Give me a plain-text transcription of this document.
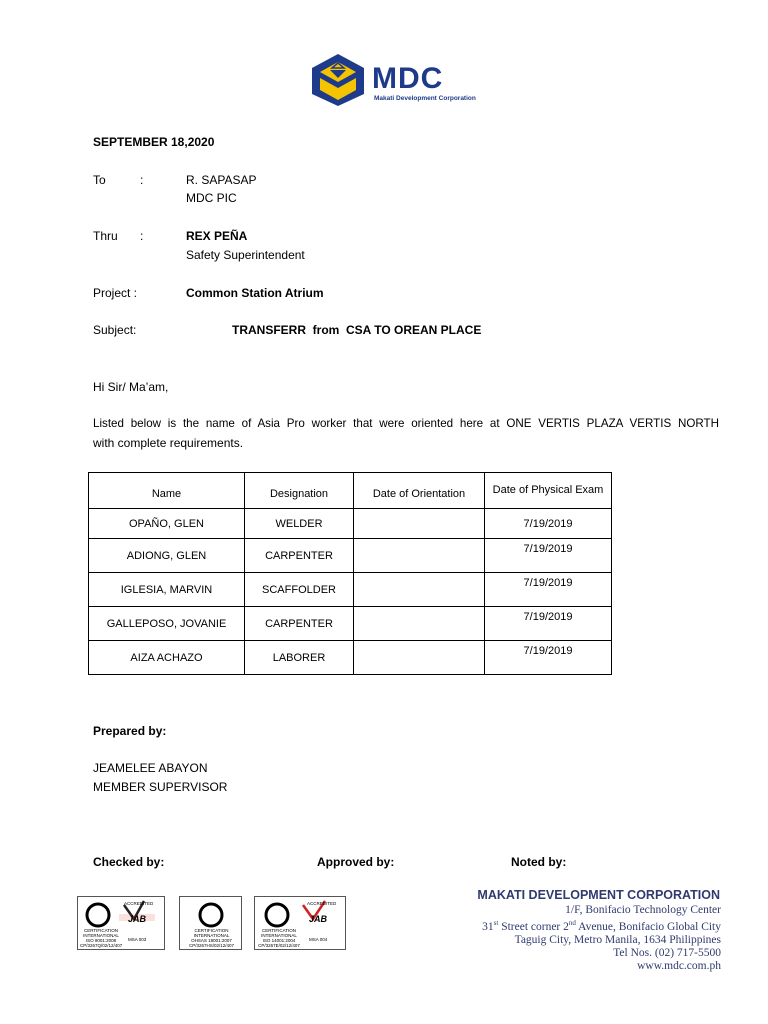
MDC
Makati Development Corporation
SEPTEMBER 18,2020
To	:	R. SAPASAP
MDC PIC
Thru :	REX PEÑA
Safety Superintendent
Project :	Common Station Atrium
Subject:	TRANSFERR  from  CSA TO OREAN PLACE
Hi Sir/ Ma’am,
Listed below is the name of Asia Pro worker that were oriented here at ONE VERTIS PLAZA VERTIS NORTH
with complete requirements.
Name	Designation	Date of Orientation	Date of Physical Exam
OPAÑO, GLEN	WELDER		7/19/2019
ADIONG, GLEN	CARPENTER		7/19/2019
IGLESIA, MARVIN	SCAFFOLDER		7/19/2019
GALLEPOSO, JOVANIE	CARPENTER		7/19/2019
AIZA ACHAZO	LABORER		7/19/2019
Prepared by:
JEAMELEE ABAYON
MEMBER SUPERVISOR
Checked by:	Approved by:	Noted by:
CERTIFICATION
INTERNATIONAL
ISO 9001:2008
CP/3267Q/02/12/407
ACCREDITED
JAB
MSA 003
CERTIFICATION
INTERNATIONAL
OHSAS 18001:2007
CP/3267HS/02/12/407
CERTIFICATION
INTERNATIONAL
ISO 14001:2004
CP/3267E/02/12/407
ACCREDITED
JAB
MSA 004
MAKATI DEVELOPMENT CORPORATION
1/F, Bonifacio Technology Center
31st Street corner 2nd Avenue, Bonifacio Global City
Taguig City, Metro Manila, 1634 Philippines
Tel Nos. (02) 717-5500
www.mdc.com.ph
